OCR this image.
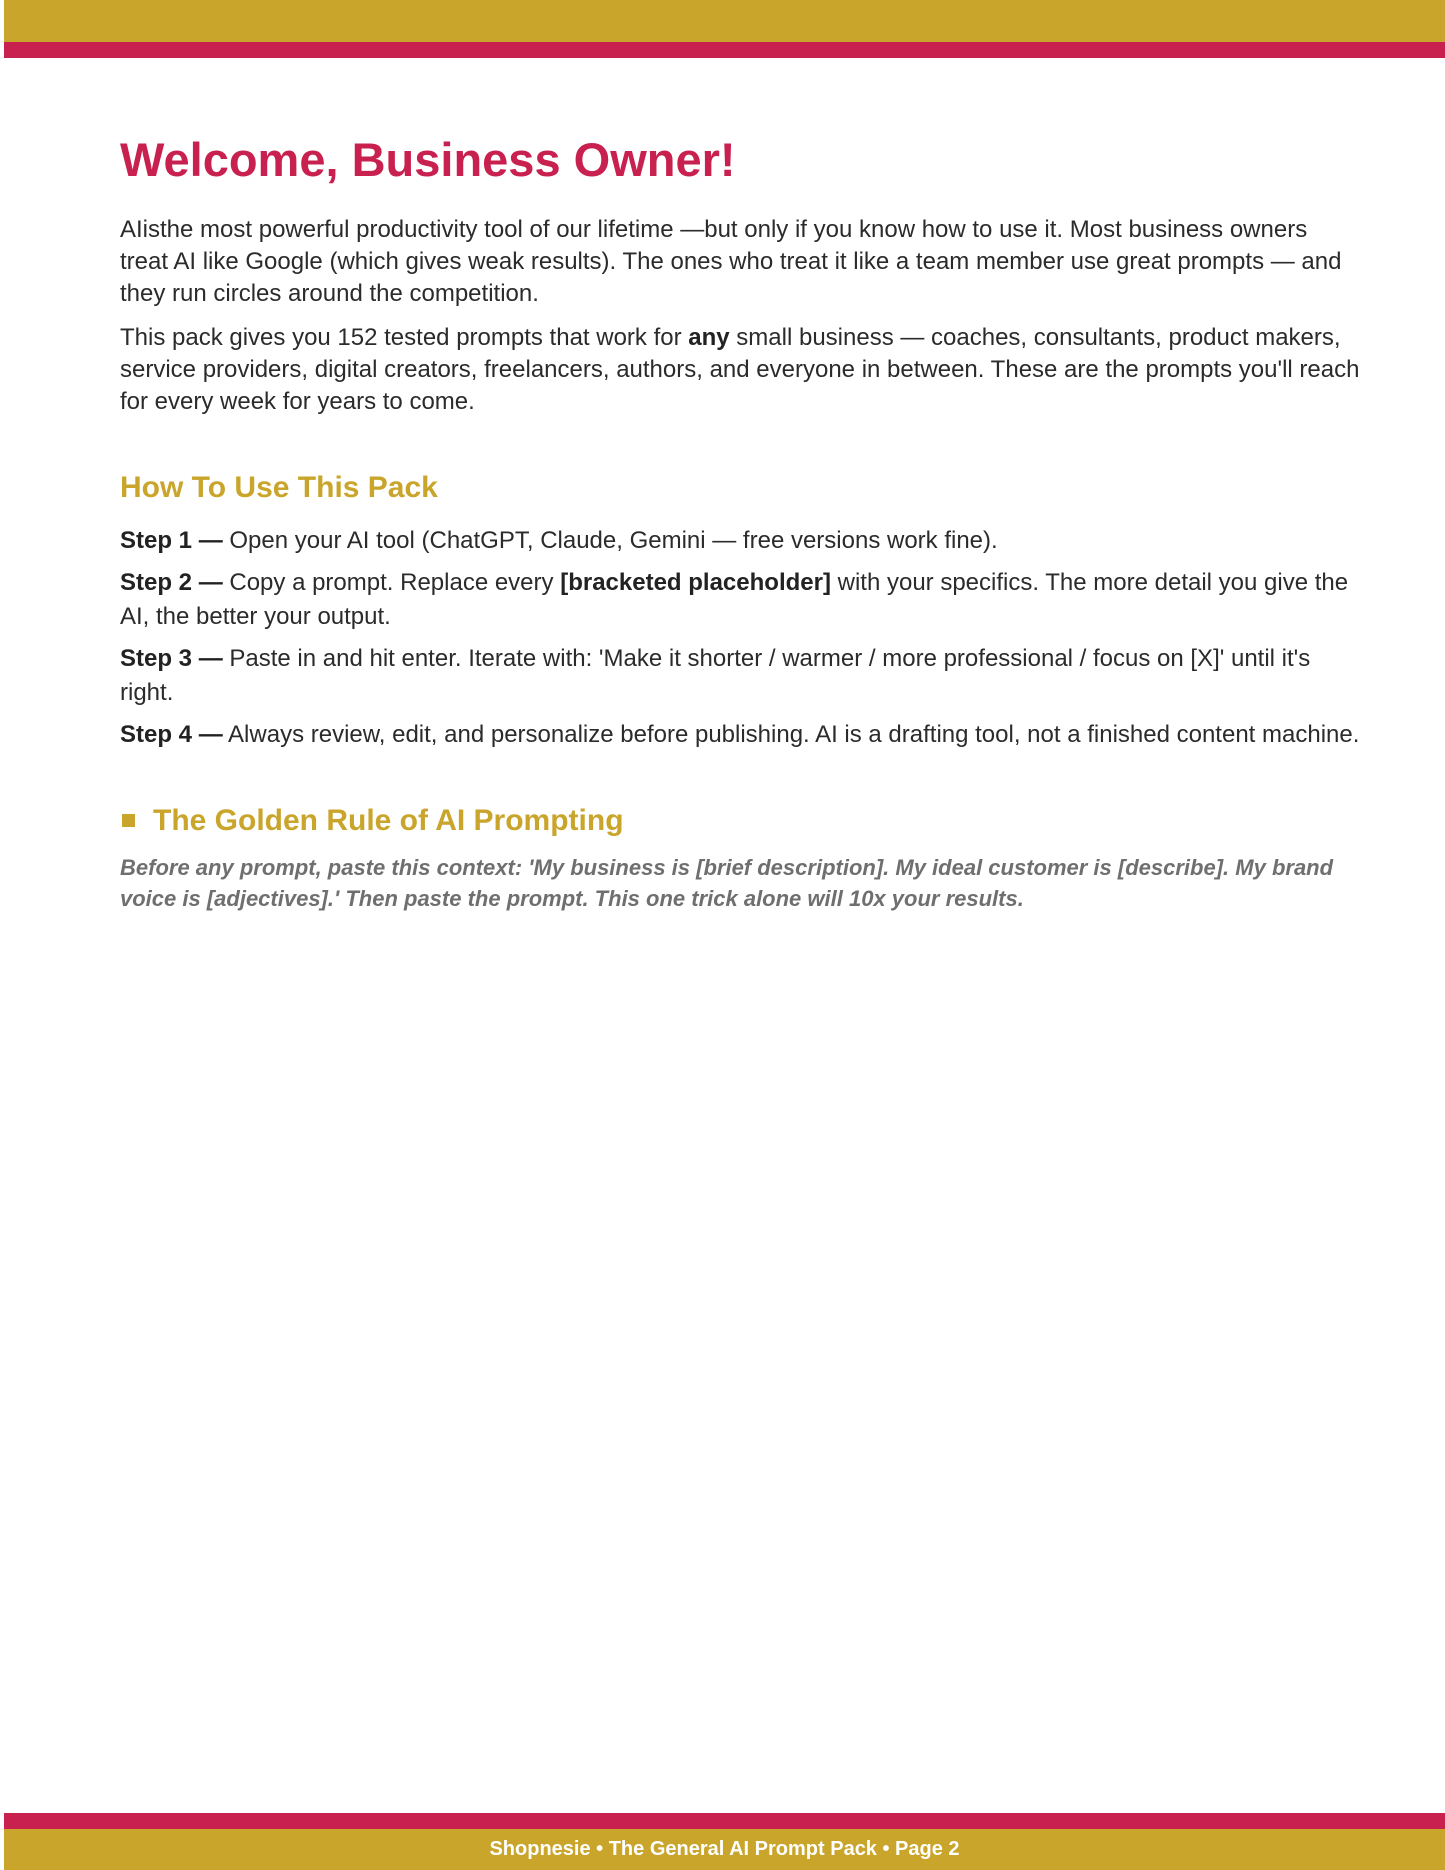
Welcome, Business Owner!

AIisthe most powerful productivity tool of our lifetime —but only if you know how to use it. Most business owners treat AI like Google (which gives weak results). The ones who treat it like a team member use great prompts — and they run circles around the competition.

This pack gives you 152 tested prompts that work for any small business — coaches, consultants, product makers, service providers, digital creators, freelancers, authors, and everyone in between. These are the prompts you'll reach for every week for years to come.

How To Use This Pack

Step 1 — Open your AI tool (ChatGPT, Claude, Gemini — free versions work fine).

Step 2 — Copy a prompt. Replace every [bracketed placeholder] with your specifics. The more detail you give the AI, the better your output.

Step 3 — Paste in and hit enter. Iterate with: 'Make it shorter / warmer / more professional / focus on [X]' until it's right.

Step 4 — Always review, edit, and personalize before publishing. AI is a drafting tool, not a finished content machine.

The Golden Rule of AI Prompting

Before any prompt, paste this context: 'My business is [brief description]. My ideal customer is [describe]. My brand voice is [adjectives].' Then paste the prompt. This one trick alone will 10x your results.

Shopnesie • The General AI Prompt Pack • Page 2
